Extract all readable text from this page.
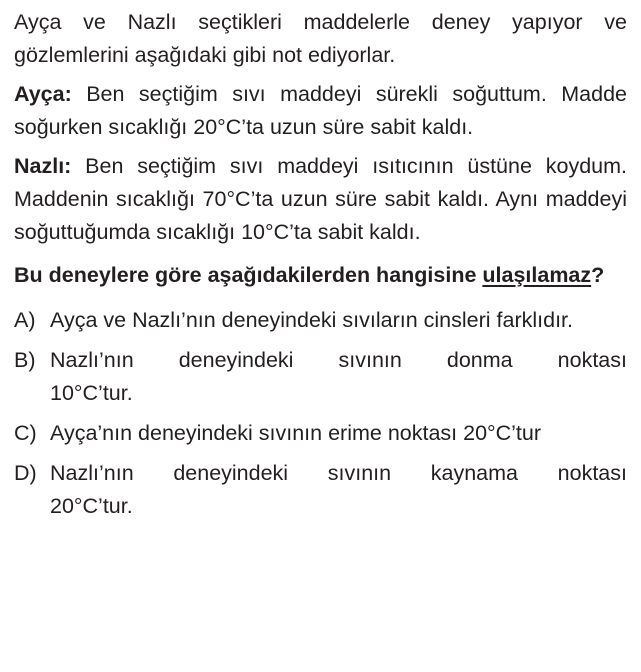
Ayça ve Nazlı seçtikleri maddelerle deney yapıyor ve gözlemlerini aşağıdaki gibi not ediyorlar.

Ayça: Ben seçtiğim sıvı maddeyi sürekli soğuttum. Madde soğurken sıcaklığı 20°C’ta uzun süre sabit kaldı.

Nazlı: Ben seçtiğim sıvı maddeyi ısıtıcının üstüne koydum. Maddenin sıcaklığı 70°C’ta uzun süre sabit kaldı. Aynı maddeyi soğuttuğumda sıcaklığı 10°C’ta sabit kaldı.

Bu deneylere göre aşağıdakilerden hangisine ulaşılamaz?

A) Ayça ve Nazlı’nın deneyindeki sıvıların cinsleri farklıdır.
B) Nazlı’nın deneyindeki sıvının donma noktası
10°C’tur.
C) Ayça’nın deneyindeki sıvının erime noktası 20°C’tur
D) Nazlı’nın deneyindeki sıvının kaynama noktası
20°C’tur.
